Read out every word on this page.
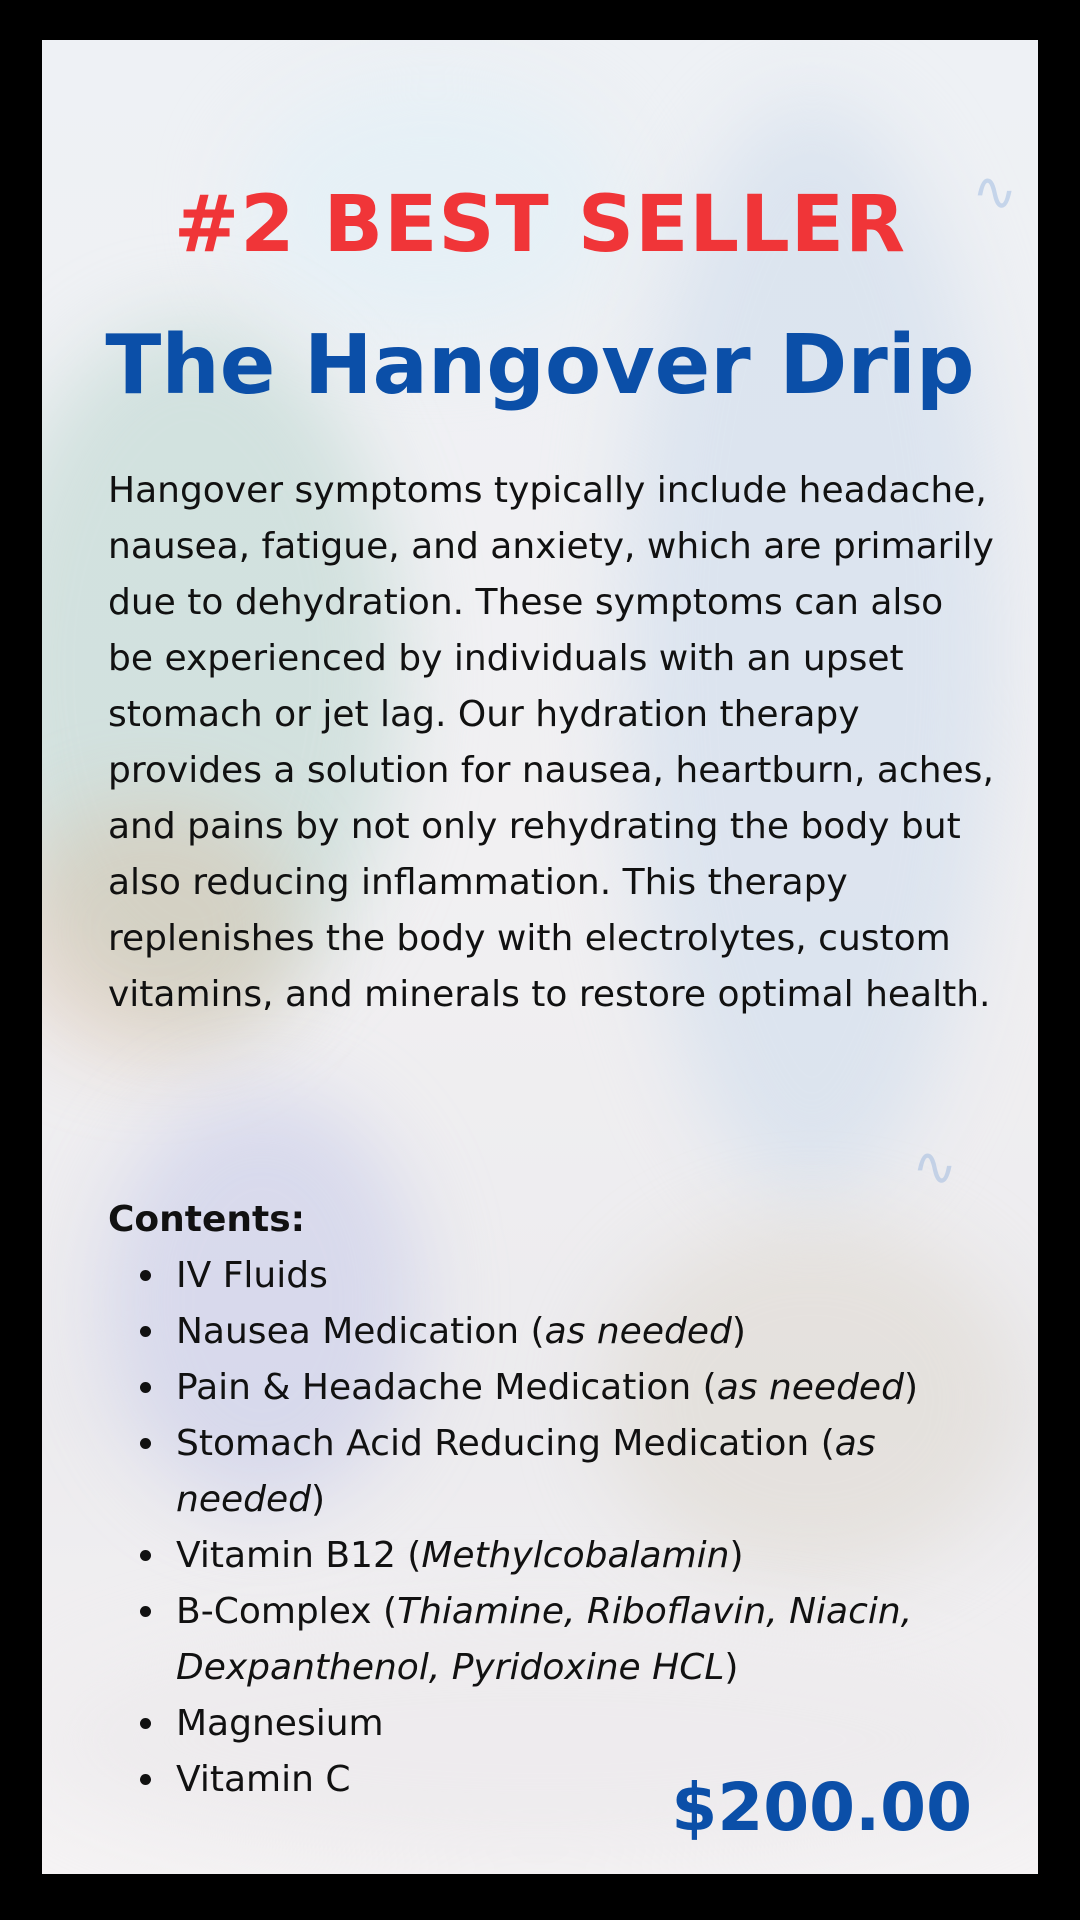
∿
∿
#2 BEST SELLER
The Hangover Drip

Hangover symptoms typically include headache, nausea, fatigue, and anxiety, which are primarily due to dehydration. These symptoms can also be experienced by individuals with an upset stomach or jet lag. Our hydration therapy provides a solution for nausea, heartburn, aches, and pains by not only rehydrating the body but also reducing inflammation. This therapy replenishes the body with electrolytes, custom vitamins, and minerals to restore optimal health.

Contents:
IV Fluids
Nausea Medication (as needed)
Pain & Headache Medication (as needed)
Stomach Acid Reducing Medication (as needed)
Vitamin B12 (Methylcobalamin)
B-Complex (Thiamine, Riboflavin, Niacin, Dexpanthenol, Pyridoxine HCL)
Magnesium
Vitamin C	$200.00
